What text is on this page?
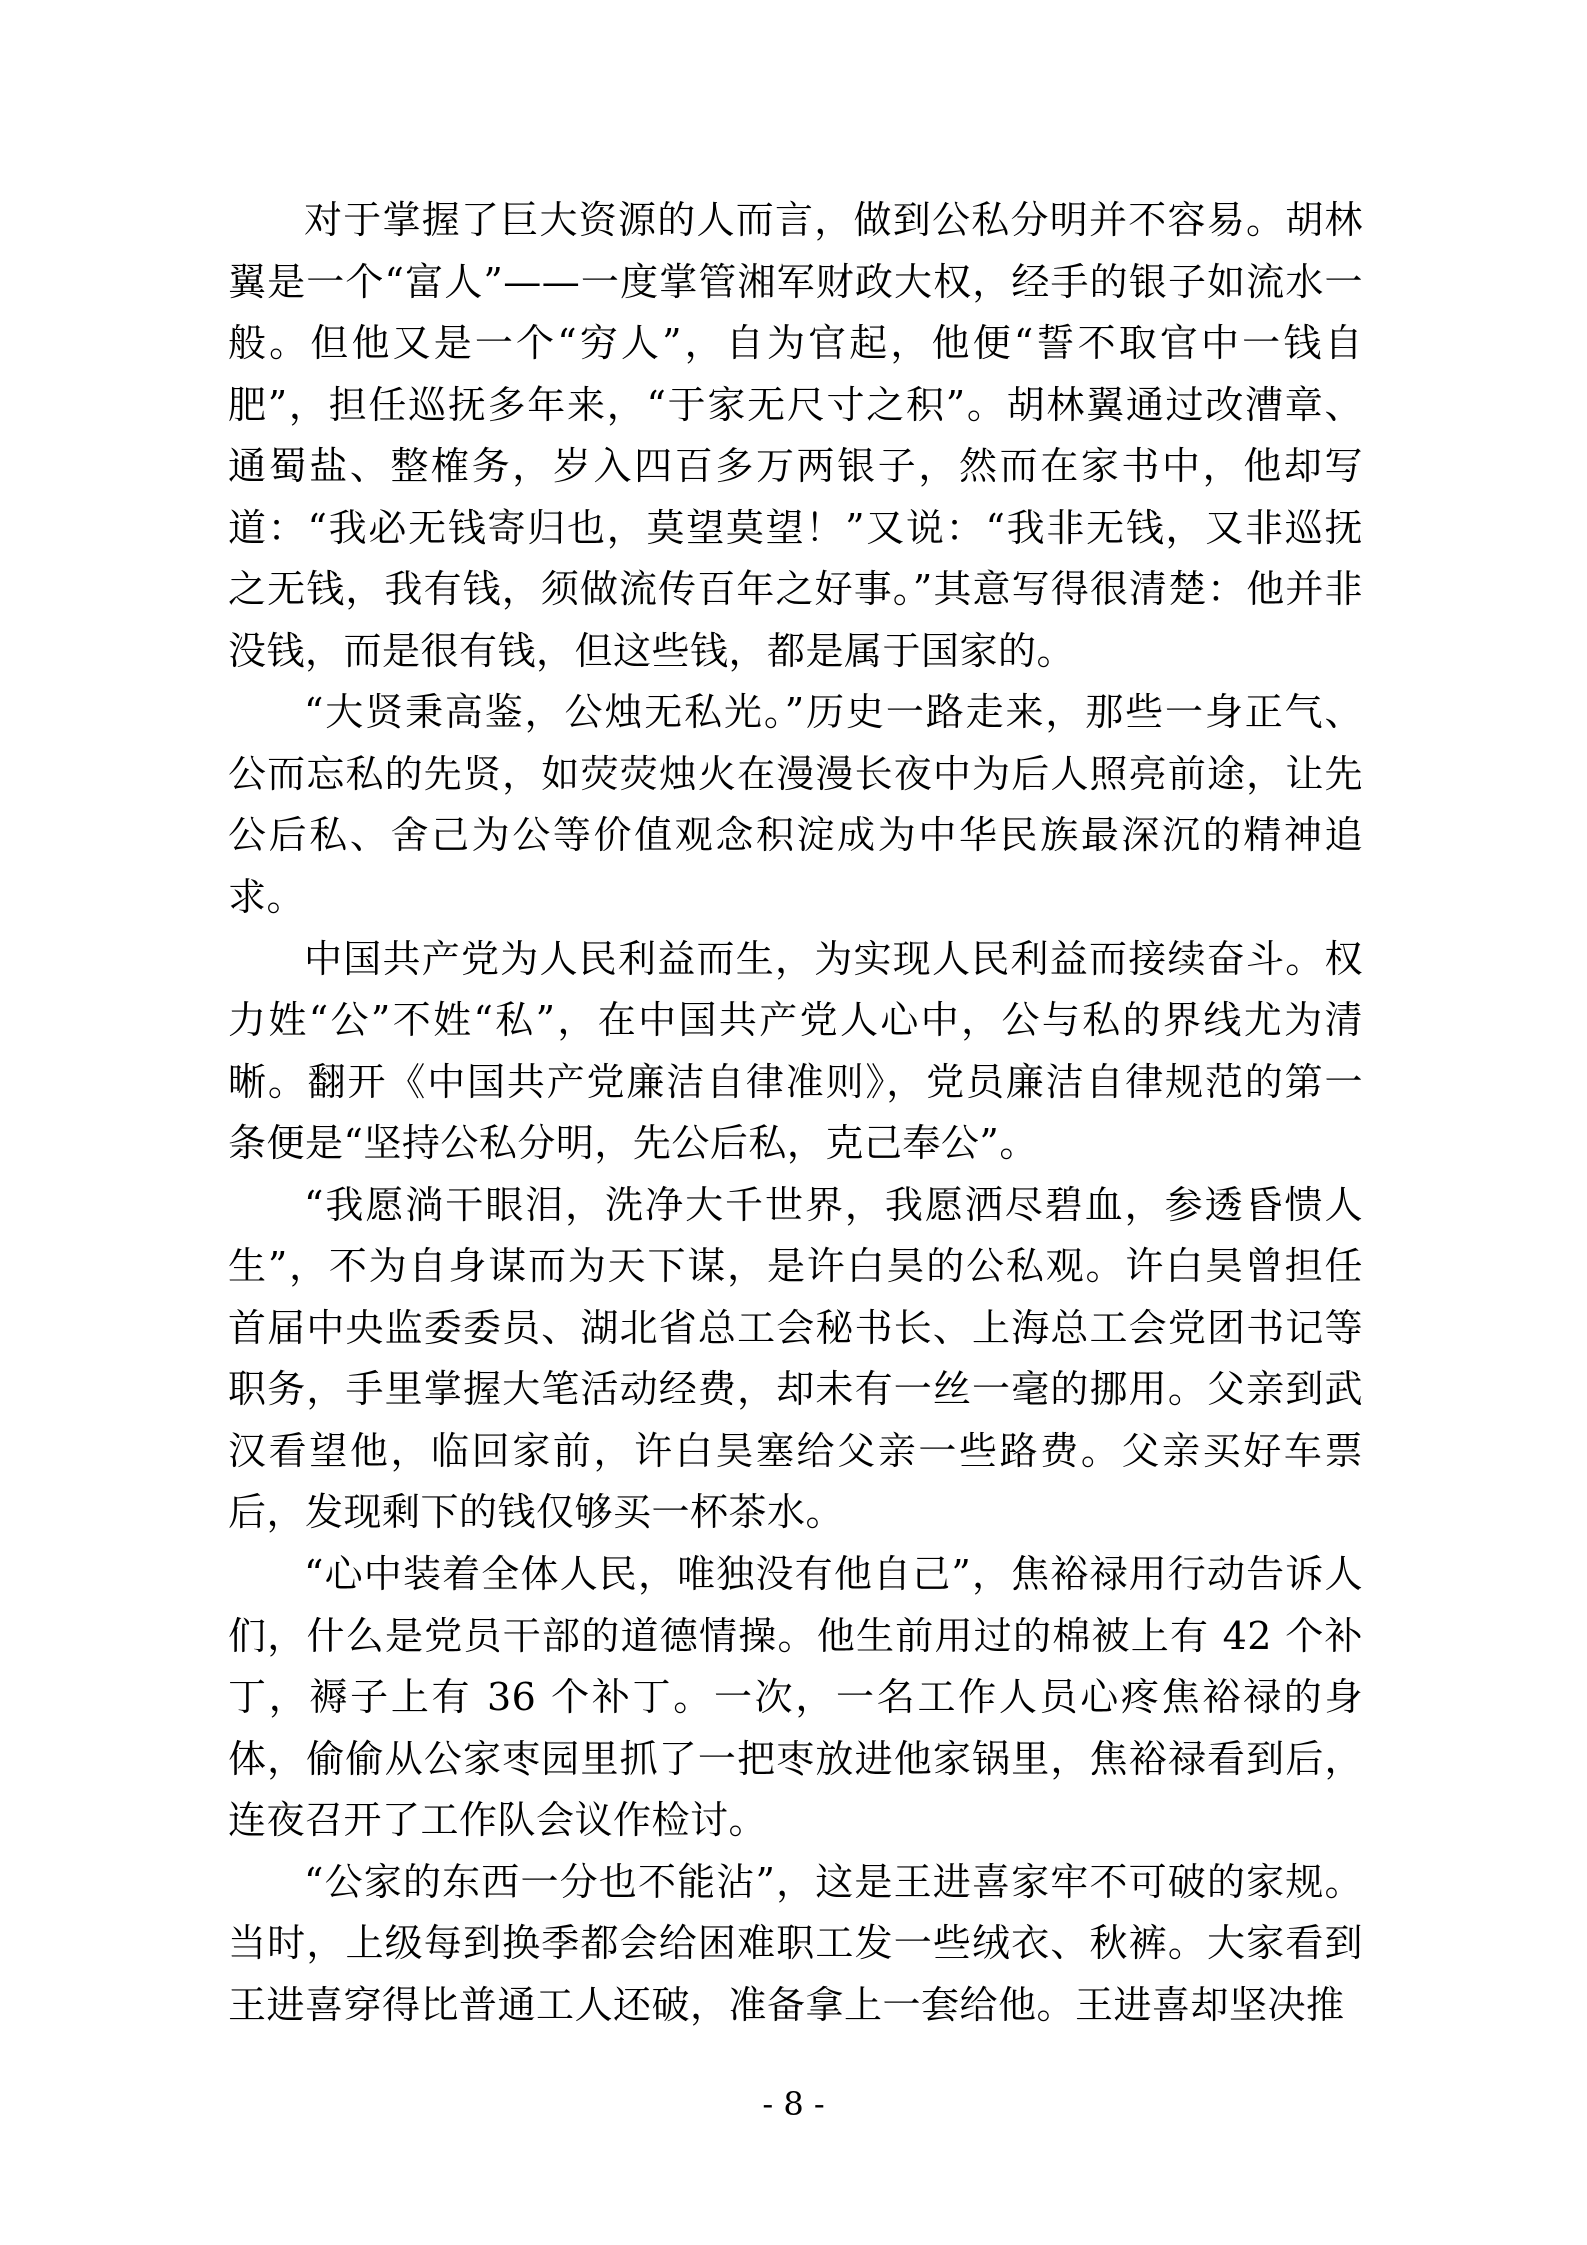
对于掌握了巨大资源的人而言，做到公私分明并不容易。胡林翼是一个“富人”——一度掌管湘军财政大权，经手的银子如流水一般。但他又是一个“穷人”，自为官起，他便“誓不取官中一钱自肥”，担任巡抚多年来，“于家无尺寸之积”。胡林翼通过改漕章、通蜀盐、整榷务，岁入四百多万两银子，然而在家书中，他却写道：“我必无钱寄归也，莫望莫望！”又说：“我非无钱，又非巡抚之无钱，我有钱，须做流传百年之好事。”其意写得很清楚：他并非没钱，而是很有钱，但这些钱，都是属于国家的。

“大贤秉高鉴，公烛无私光。”历史一路走来，那些一身正气、公而忘私的先贤，如荧荧烛火在漫漫长夜中为后人照亮前途，让先公后私、舍己为公等价值观念积淀成为中华民族最深沉的精神追求。

中国共产党为人民利益而生，为实现人民利益而接续奋斗。权力姓“公”不姓“私”，在中国共产党人心中，公与私的界线尤为清晰。翻开《中国共产党廉洁自律准则》，党员廉洁自律规范的第一条便是“坚持公私分明，先公后私，克己奉公”。

“我愿淌干眼泪，洗净大千世界，我愿洒尽碧血，参透昏愦人生”，不为自身谋而为天下谋，是许白昊的公私观。许白昊曾担任首届中央监委委员、湖北省总工会秘书长、上海总工会党团书记等职务，手里掌握大笔活动经费，却未有一丝一毫的挪用。父亲到武汉看望他，临回家前，许白昊塞给父亲一些路费。父亲买好车票后，发现剩下的钱仅够买一杯茶水。

“心中装着全体人民，唯独没有他自己”，焦裕禄用行动告诉人们，什么是党员干部的道德情操。他生前用过的棉被上有 42 个补丁，褥子上有 36 个补丁。一次，一名工作人员心疼焦裕禄的身体，偷偷从公家枣园里抓了一把枣放进他家锅里，焦裕禄看到后，连夜召开了工作队会议作检讨。

“公家的东西一分也不能沾”，这是王进喜家牢不可破的家规。当时，上级每到换季都会给困难职工发一些绒衣、秋裤。大家看到王进喜穿得比普通工人还破，准备拿上一套给他。王进喜却坚决推

- 8 -
